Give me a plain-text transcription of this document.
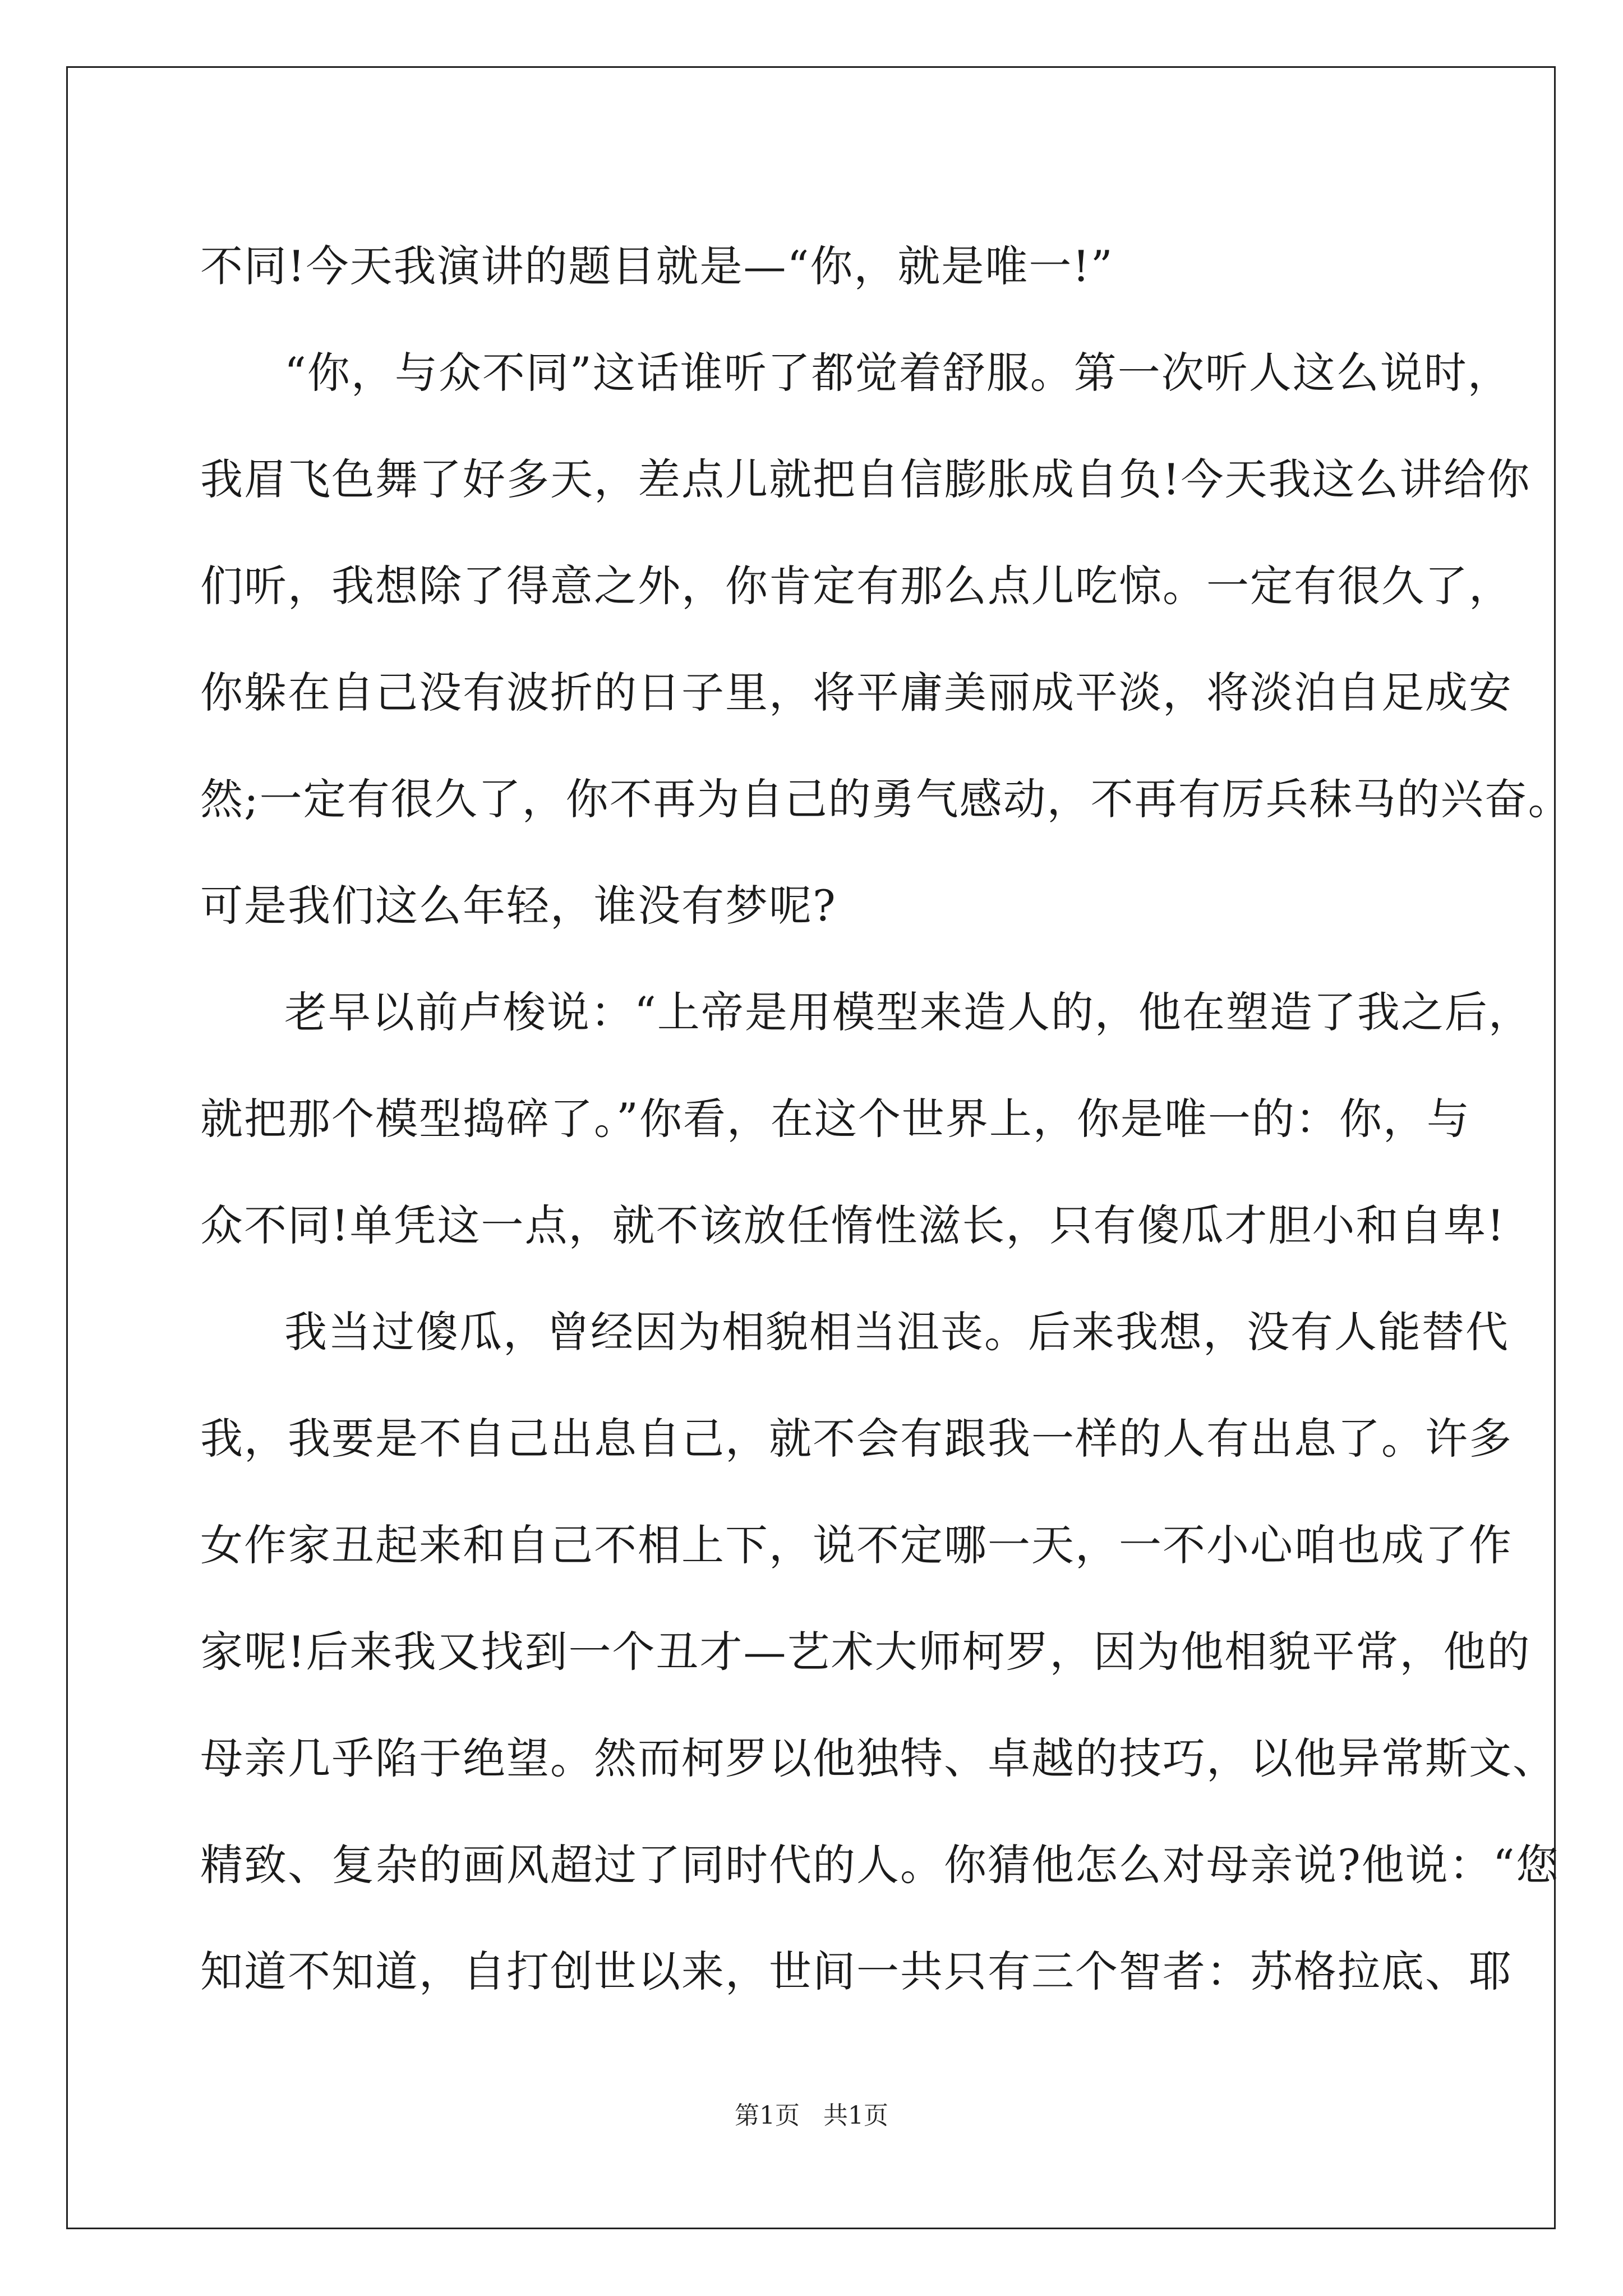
不同!今天我演讲的题目就是—“你，就是唯一!”
“你，与众不同”这话谁听了都觉着舒服。第一次听人这么说时，
我眉飞色舞了好多天，差点儿就把自信膨胀成自负!今天我这么讲给你
们听，我想除了得意之外，你肯定有那么点儿吃惊。一定有很久了，
你躲在自己没有波折的日子里，将平庸美丽成平淡，将淡泊自足成安
然;一定有很久了，你不再为自己的勇气感动，不再有厉兵秣马的兴奋。
可是我们这么年轻，谁没有梦呢?
老早以前卢梭说：“上帝是用模型来造人的，他在塑造了我之后，
就把那个模型捣碎了。”你看，在这个世界上，你是唯一的：你，与
众不同!单凭这一点，就不该放任惰性滋长，只有傻瓜才胆小和自卑!
我当过傻瓜，曾经因为相貌相当沮丧。后来我想，没有人能替代
我，我要是不自己出息自己，就不会有跟我一样的人有出息了。许多
女作家丑起来和自己不相上下，说不定哪一天，一不小心咱也成了作
家呢!后来我又找到一个丑才—艺术大师柯罗，因为他相貌平常，他的
母亲几乎陷于绝望。然而柯罗以他独特、卓越的技巧，以他异常斯文、
精致、复杂的画风超过了同时代的人。你猜他怎么对母亲说?他说：“您
知道不知道，自打创世以来，世间一共只有三个智者：苏格拉底、耶
第1页 共1页
